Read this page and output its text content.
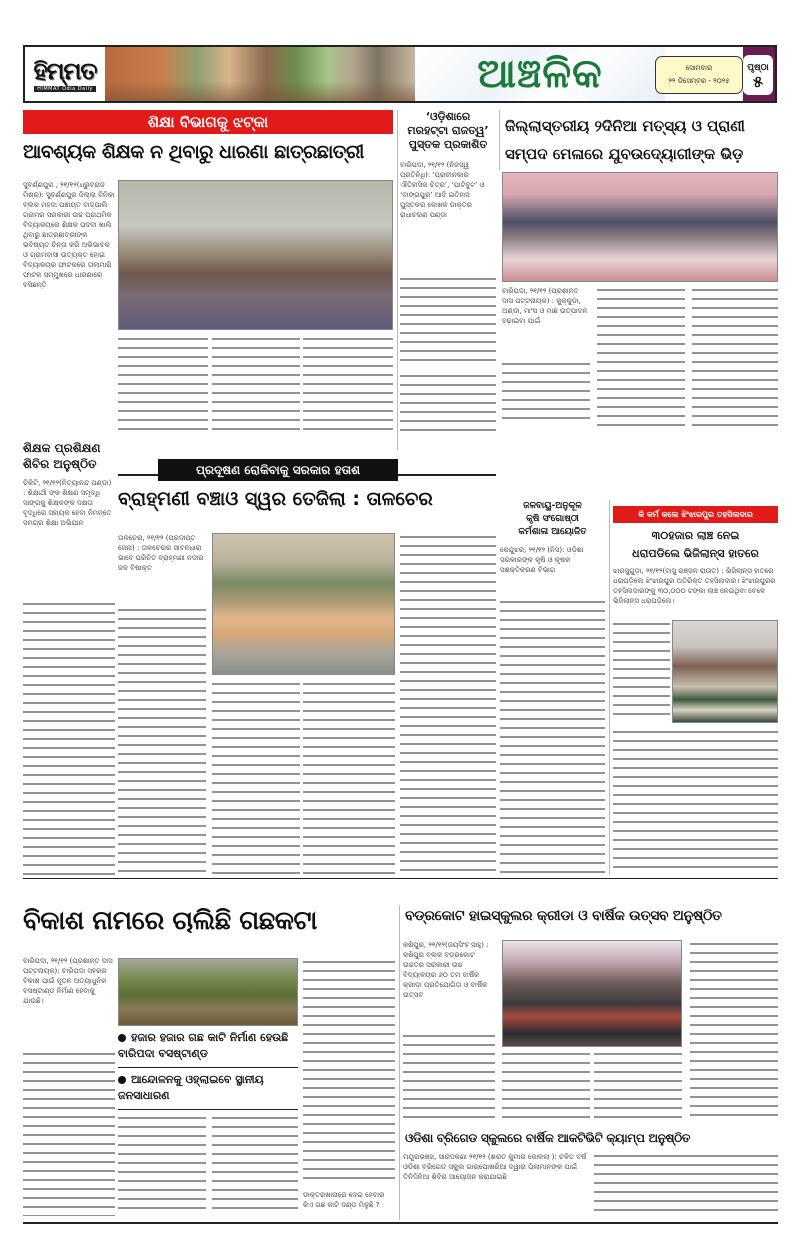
ହିମ୍ମତ
HIMMAT Odia Daily	ଆଞ୍ଚଳିକ	ସୋମବାର
୨୨ ଡିସେମ୍ବର - ୨୦୨୫
ପୃଷ୍ଠା
୫
ଶିକ୍ଷା ବିଭାଗକୁ ଝଟ୍‌କା
ଆବଶ୍ୟକ ଶିକ୍ଷକ ନ ଥିବାରୁ ଧାରଣା ଛାତ୍ରଛାତ୍ରୀ
ସୁବର୍ଣ୍ଣପୁର , ୨୧/୧୨(ଧ୍ରୁବରାଜ ମିଶ୍ର): ସୁବର୍ଣ୍ଣପୁର ଜିଲ୍ଲା ବିନିକା ବ୍ଲକ ମହଦା ପଞ୍ଚାୟତ ବାଦ୍‌ପାଲି ଗ୍ରାମର ସରକାରୀ ଉଚ୍ଚ ପ୍ରାଥମିକ ବିଦ୍ୟାଳୟରେ ଶିକ୍ଷକ ପଦବୀ ଖାଲି ଥିବାରୁ ଛାତ୍ରଛାତ୍ରୀଙ୍କ ଭବିଷ୍ୟତ ଚିନ୍ତା କରି ଅଭିଭାବକ ଓ ଗ୍ରାମବାସୀ ଉତ୍ୟକ୍ତ ହୋଇ ବିଦ୍ୟାଳୟର ଫାଟକରେ ତାଲାମାରି ଫାଟକ ସମ୍ମୁଖରେ ଧାରଣାରେ ବସିଛନ୍ତି
‘ଓଡ଼ିଶାରେ
ମରହଟ୍ଟା ରାଜତ୍ୱ’
ପୁସ୍ତକ ପ୍ରକାଶିତ
ବାରିପଦା, ୨୧/୧୨ (ନିଜସ୍ୱ ପ୍ରତିନିଧି): ‘ପ୍ରାଚୀନକାର ଐତିହାସିକ ଚିତ୍ର’, ‘ପାଟିବୁଟ’ ଓ ‘ବାଙ୍ଗପୁର’ ଆଦି ଇତିହାସ ପୁସ୍ତକର ଲେଖକ ଡାକ୍ତର ରାଧାଚରଣ ପଣ୍ଡା
ଜିଲ୍ଲାସ୍ତରୀୟ ୨ଦିନିଆ ମତ୍ସ୍ୟ ଓ ପ୍ରାଣୀ
ସମ୍ପଦ ମେଳାରେ ଯୁବଉଦ୍ୟୋଗୀଙ୍କ ଭିଡ଼
ବାରିପଦା, ୨୧/୧୨ (ପ୍ରଶାନ୍ତ ଦାସ ପଟ୍ଟନାୟକ) : କୁକ୍କୁଡ଼ା, ଅଣ୍ଡା, ମାଂସ ଓ ମାଛ ଉତ୍ପାଦନ ବଢ଼ାଇବା ପାଇଁ
ଶିକ୍ଷକ ପ୍ରଶିକ୍ଷଣ
ଶିବିର ଅନୁଷ୍ଠିତ
ଚିକିଟି, ୨୧/୧୨(ନିତ୍ୟାନନ୍ଦ ପଣ୍ଡା) : ଶିକ୍ଷାର୍ଥୀ ଙ୍କ ଶିକ୍ଷଣ ସମୃଦ୍ଧି ସାଙ୍ଗକୁ ଶିକ୍ଷକଙ୍କ ଦକ୍ଷତା ବୃଦ୍ଧିରେ ସହାୟକ ହେବା ନିମନ୍ତେ ସମଗ୍ର ଶିକ୍ଷା ଅଭିଯାନ
ପ୍ରଦୂଷଣ ରୋକିବାକୁ ସରକାର ହତାଶ
ବ୍ରାହ୍ମଣୀ ବଞ୍ଚାଓ ସ୍ୱର ତେଜିଲା : ତାଳଚେର
ତାଳଚେର, ୨୧/୧୨ (ପ୍ରଦୀପ୍ତ ଜେନା) : ତାଳଚେରର ଜୀବନଧାରା ଭାବେ ପରିଚିତ ବ୍ରାହ୍ମଣୀ ନଦୀର ଜଳ ବିଷାକ୍ତ
ଜଳବାୟୁ-ଅନୁକୂଳ
କୃଷି ସଂଗୋଷ୍ଠୀ
କର୍ମଶାଳା ଆୟୋଜିତ
କେନ୍ଦୁଝର, ୨୧/୧୨ (ନିସ): ଓଡ଼ିଶା ସରକାରଙ୍କ କୃଷି ଓ କୃଷକ ସଶକ୍ତିକରଣ ବିଭାଗ
କି କର୍ମ କଲେ ଝିଂଝାରପୁର ତହସିଲଦାର
୩୦ହଜାର ଲାଞ୍ଚ ନେଇ
ଧରାପଡିଲେ ଭିଜିଲାନ୍ସ ହାତରେ
ଝାରସୁଗୁଡ଼ା, ୨୧/୧୨(ବାସୁ ରଞ୍ଜନ ରାଉତ) : ଭିଜିଲାନ୍ସ ହାତରେ ଧରାପଡ଼ିଲେ ଝିଂଝାରପୁର ଅତିରିକ୍ତ ତହସିଲଦାର। ଝିଂଝାରପୁରର ତହସିଲଦାରଙ୍କୁ ୩୦,୦୦୦ ଟଙ୍କା ଲାଞ୍ଚ ନେଉଥିବା ବେଳେ ଭିଜିଲାନ୍ସ ଧରାପଡ଼ିଲେ।
ବିକାଶ ନାମରେ ଚାଲିଛି ଗଛକଟା
ବାରିପଦା, ୨୧/୧୨ (ପ୍ରଶାନ୍ତ ଦାସ ପଟ୍ଟନାୟକ): ବାରିପଦା ସହରର ବିକାଶ ପାଇଁ ନୂତନ ଅତ୍ୟାଧୁନିକ ବସଷ୍ଟାଣ୍ଡ ନିର୍ମାଣ ହେବାକୁ ଯାଉଛି।
ହଜାର ହଜାର ଗଛ କାଟି ନିର୍ମାଣ ହେଉଛି ବାରିପଦା ବସଷ୍ଟାଣ୍ଡ
ଆନ୍ଦୋଳନକୁ ଓହ୍ଲାଇବେ ସ୍ଥାନୀୟ ଜନସାଧାରଣ
ଡାକ୍ତରଖାନାରେ ଦେଇ ହେବାର କିଏ ଗଛ କାଟି ଦଣ୍ଡ ମିଳୁଛି ?
ବଡ୍ରକୋଟ ହାଇସ୍କୁଲର କ୍ରୀଡା ଓ ବାର୍ଷିକ ଉତ୍ସବ ଅନୁଷ୍ଠିତ
କଶିପୁର, ୨୧/୧୨(ଜୟସିଂହ ସାହୁ) : କଶିପୁର ବ୍ଲକ ବଡ୍ରକୋଟ ଉଚ୍ଚତର ସରକାରୀ ଉଚ୍ଚ ବିଦ୍ୟାଳୟର ୬୦ ତମ ବାର୍ଷିକ କ୍ରୀଡ଼ା ପ୍ରତିଯୋଗିତା ଓ ବାର୍ଷିକ ଉତ୍ସବ
ଓଡିଶା ବ୍ରିଗେଡ ସ୍କୁଲରେ ବାର୍ଷିକ ଆକଟିଭିଟି କ୍ୟାମ୍ପ ଅନୁଷ୍ଠିତ
ମୟୂରଭଞ୍ଜ, ସାରଦକଣା ୨୧/୧୨ (ଶରତ କୁମାର କୋଳଲା ): ଚଳିତ ବର୍ଷ ଓଡିଶା ବ୍ରିଗେଡ ସ୍କୁଲ ଗାରପୋଖରିଆ ଦ୍ୱାରା ପିଲାମାନଙ୍କ ପାଇଁ ତିନିଦିନିଆ ଶିବିର ଆୟୋଜନ କରାଯାଇଛି
